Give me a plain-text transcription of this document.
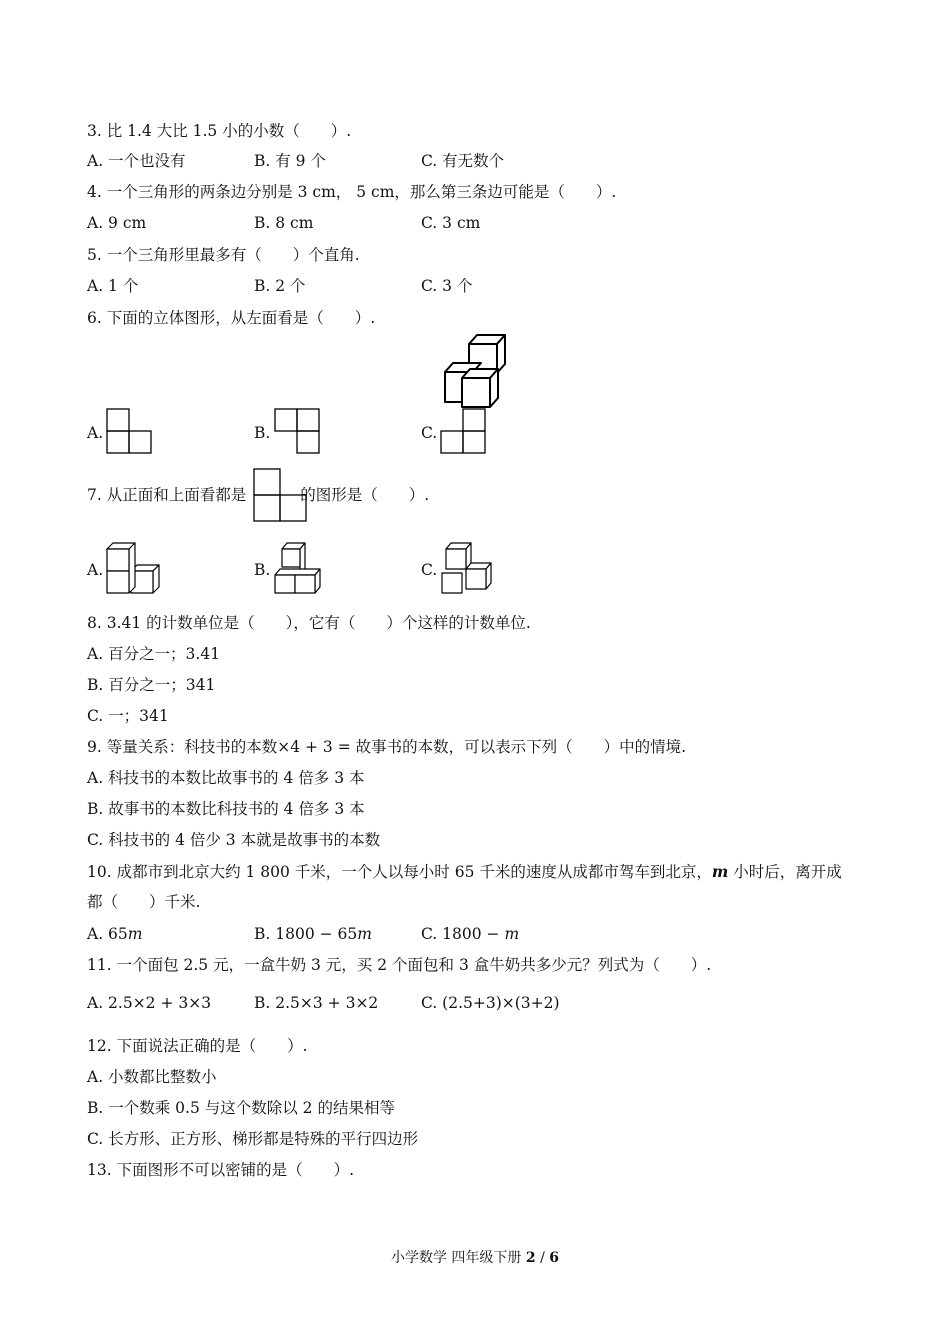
3. 比 1.4 大比 1.5 小的小数（　　）.
A. 一个也没有	B. 有 9 个	C. 有无数个
4. 一个三角形的两条边分别是 3 cm， 5 cm，那么第三条边可能是（　　）.
A. 9 cm	B. 8 cm	C. 3 cm
5. 一个三角形里最多有（　　）个直角.
A. 1 个	B. 2 个	C. 3 个
6. 下面的立体图形，从左面看是（　　）.
A.	B.	C.
7. 从正面和上面看都是	的图形是（　　）.
A.	B.	C.
8. 3.41 的计数单位是（　　），它有（　　）个这样的计数单位.
A. 百分之一；3.41
B. 百分之一；341
C. 一；341
9. 等量关系：科技书的本数×4 + 3 = 故事书的本数，可以表示下列（　　）中的情境.
A. 科技书的本数比故事书的 4 倍多 3 本
B. 故事书的本数比科技书的 4 倍多 3 本
C. 科技书的 4 倍少 3 本就是故事书的本数
10. 成都市到北京大约 1 800 千米，一个人以每小时 65 千米的速度从成都市驾车到北京，m 小时后，离开成
都（　　）千米.
A. 65m	B. 1800 − 65m	C. 1800 − m
11. 一个面包 2.5 元，一盒牛奶 3 元，买 2 个面包和 3 盒牛奶共多少元？列式为（　　）.
A. 2.5×2 + 3×3	B. 2.5×3 + 3×2	C. (2.5+3)×(3+2)
12. 下面说法正确的是（　　）.
A. 小数都比整数小
B. 一个数乘 0.5 与这个数除以 2 的结果相等
C. 长方形、正方形、梯形都是特殊的平行四边形
13. 下面图形不可以密铺的是（　　）.
小学数学 四年级下册 2 / 6
